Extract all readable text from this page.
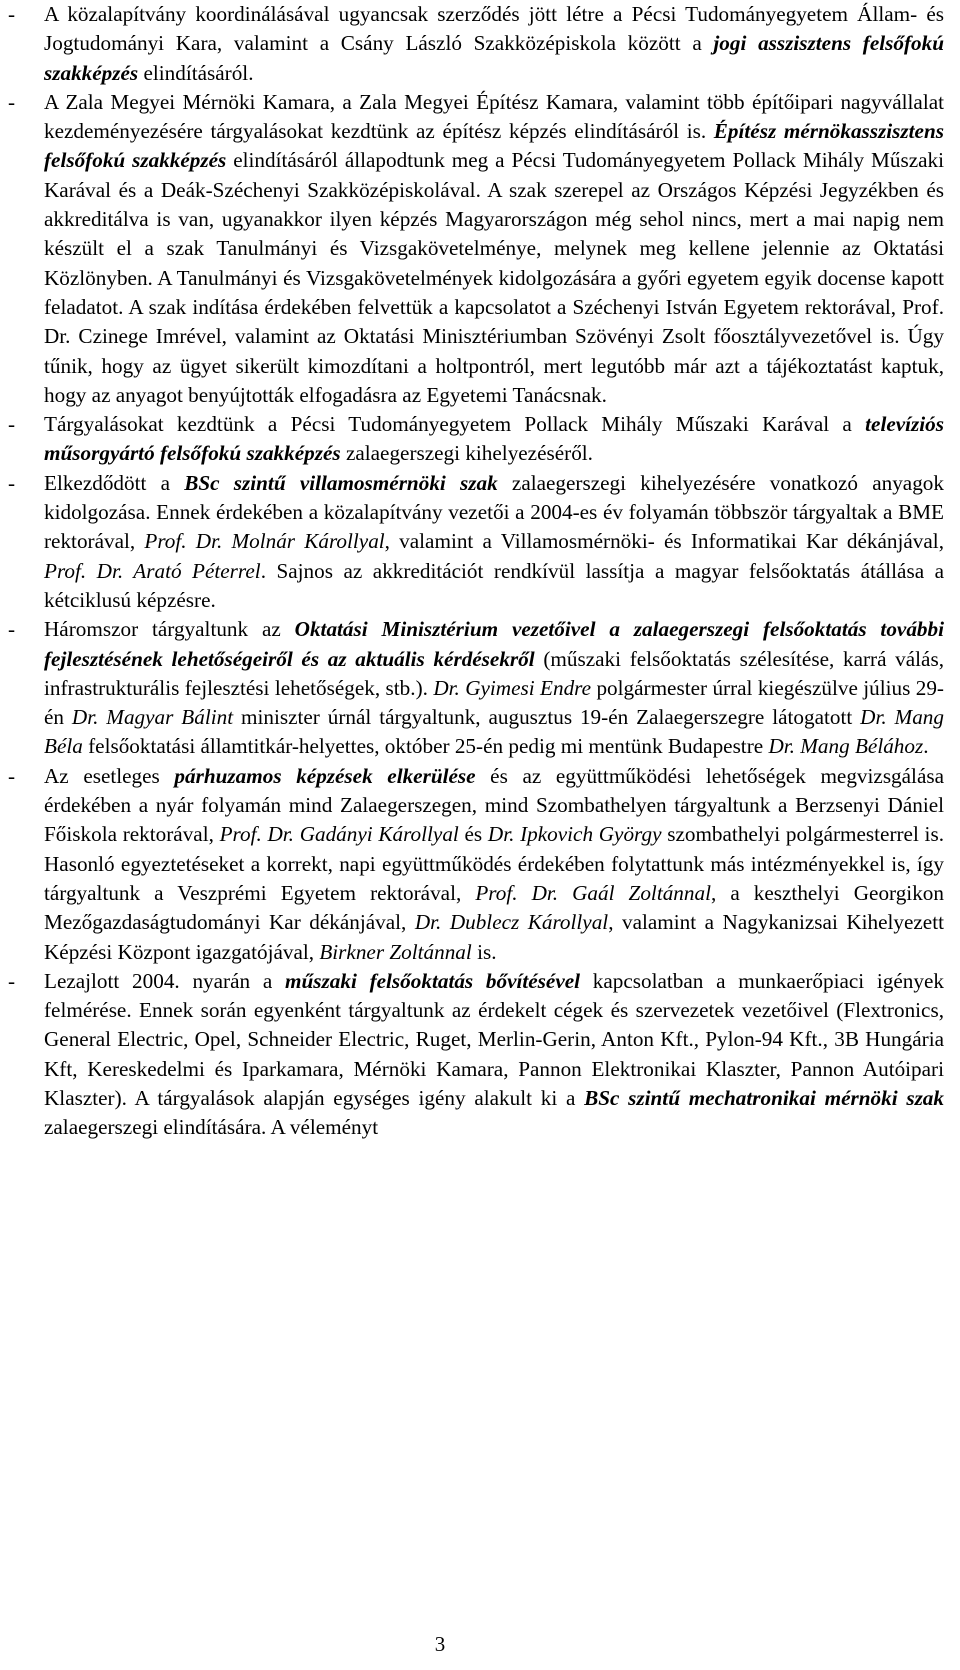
- A közalapítvány koordinálásával ugyancsak szerződés jött létre a Pécsi Tudományegyetem Állam- és Jogtudományi Kara, valamint a Csány László Szakközépiskola között a jogi asszisztens felsőfokú szakképzés elindításáról.

- A Zala Megyei Mérnöki Kamara, a Zala Megyei Építész Kamara, valamint több építőipari nagyvállalat kezdeményezésére tárgyalásokat kezdtünk az építész képzés elindításáról is. Építész mérnökasszisztens felsőfokú szakképzés elindításáról állapodtunk meg a Pécsi Tudományegyetem Pollack Mihály Műszaki Karával és a Deák-Széchenyi Szakközépiskolával. A szak szerepel az Országos Képzési Jegyzékben és akkreditálva is van, ugyanakkor ilyen képzés Magyarországon még sehol nincs, mert a mai napig nem készült el a szak Tanulmányi és Vizsgakövetelménye, melynek meg kellene jelennie az Oktatási Közlönyben. A Tanulmányi és Vizsgakövetelmények kidolgozására a győri egyetem egyik docense kapott feladatot. A szak indítása érdekében felvettük a kapcsolatot a Széchenyi István Egyetem rektorával, Prof. Dr. Czinege Imrével, valamint az Oktatási Minisztériumban Szövényi Zsolt főosztályvezetővel is. Úgy tűnik, hogy az ügyet sikerült kimozdítani a holtpontról, mert legutóbb már azt a tájékoztatást kaptuk, hogy az anyagot benyújtották elfogadásra az Egyetemi Tanácsnak.

- Tárgyalásokat kezdtünk a Pécsi Tudományegyetem Pollack Mihály Műszaki Karával a televíziós műsorgyártó felsőfokú szakképzés zalaegerszegi kihelyezéséről.

- Elkezdődött a BSc szintű villamosmérnöki szak zalaegerszegi kihelyezésére vonatkozó anyagok kidolgozása. Ennek érdekében a közalapítvány vezetői a 2004-es év folyamán többször tárgyaltak a BME rektorával, Prof. Dr. Molnár Károllyal, valamint a Villamosmérnöki- és Informatikai Kar dékánjával, Prof. Dr. Arató Péterrel. Sajnos az akkreditációt rendkívül lassítja a magyar felsőoktatás átállása a kétciklusú képzésre.

- Háromszor tárgyaltunk az Oktatási Minisztérium vezetőivel a zalaegerszegi felsőoktatás további fejlesztésének lehetőségeiről és az aktuális kérdésekről (műszaki felsőoktatás szélesítése, karrá válás, infrastrukturális fejlesztési lehetőségek, stb.). Dr. Gyimesi Endre polgármester úrral kiegészülve július 29-én Dr. Magyar Bálint miniszter úrnál tárgyaltunk, augusztus 19-én Zalaegerszegre látogatott Dr. Mang Béla felsőoktatási államtitkár-helyettes, október 25-én pedig mi mentünk Budapestre Dr. Mang Bélához.

- Az esetleges párhuzamos képzések elkerülése és az együttműködési lehetőségek megvizsgálása érdekében a nyár folyamán mind Zalaegerszegen, mind Szombathelyen tárgyaltunk a Berzsenyi Dániel Főiskola rektorával, Prof. Dr. Gadányi Károllyal és Dr. Ipkovich György szombathelyi polgármesterrel is. Hasonló egyeztetéseket a korrekt, napi együttműködés érdekében folytattunk más intézményekkel is, így tárgyaltunk a Veszprémi Egyetem rektorával, Prof. Dr. Gaál Zoltánnal, a keszthelyi Georgikon Mezőgazdaságtudományi Kar dékánjával, Dr. Dublecz Károllyal, valamint a Nagykanizsai Kihelyezett Képzési Központ igazgatójával, Birkner Zoltánnal is.

- Lezajlott 2004. nyarán a műszaki felsőoktatás bővítésével kapcsolatban a munkaerőpiaci igények felmérése. Ennek során egyenként tárgyaltunk az érdekelt cégek és szervezetek vezetőivel (Flextronics, General Electric, Opel, Schneider Electric, Ruget, Merlin-Gerin, Anton Kft., Pylon-94 Kft., 3B Hungária Kft, Kereskedelmi és Iparkamara, Mérnöki Kamara, Pannon Elektronikai Klaszter, Pannon Autóipari Klaszter). A tárgyalások alapján egységes igény alakult ki a BSc szintű mechatronikai mérnöki szak zalaegerszegi elindítására. A véleményt

3
